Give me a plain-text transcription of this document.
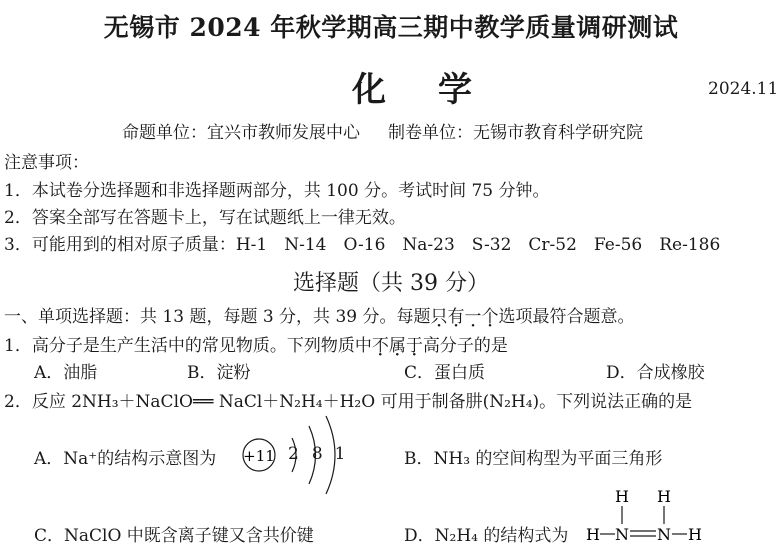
无锡市 2024 年秋学期高三期中教学质量调研测试
化学	2024.11
命题单位：宜兴市教师发展中心 制卷单位：无锡市教育科学研究院
注意事项：
1．本试卷分选择题和非选择题两部分，共 100 分。考试时间 75 分钟。
2．答案全部写在答题卡上，写在试题纸上一律无效。
3．可能用到的相对原子质量：H-1　N-14　O-16　Na-23　S-32　Cr-52　Fe-56　Re-186
选择题（共 39 分）
一、单项选择题：共 13 题，每题 3 分，共 39 分。每题只有一个选项最符合题意。
1．高分子是生产生活中的常见物质。下列物质中不属于高分子的是
A．油脂	B．淀粉	C．蛋白质	D．合成橡胶
2．反应 2NH₃＋NaClO══ NaCl＋N₂H₄＋H₂O 可用于制备肼(N₂H₄)。下列说法正确的是
A．Na⁺的结构示意图为 +11 2 8 1	B．NH₃ 的空间构型为平面三角形
C．NaClO 中既含离子键又含共价键	D．N₂H₄ 的结构式为
H H
H N N H
